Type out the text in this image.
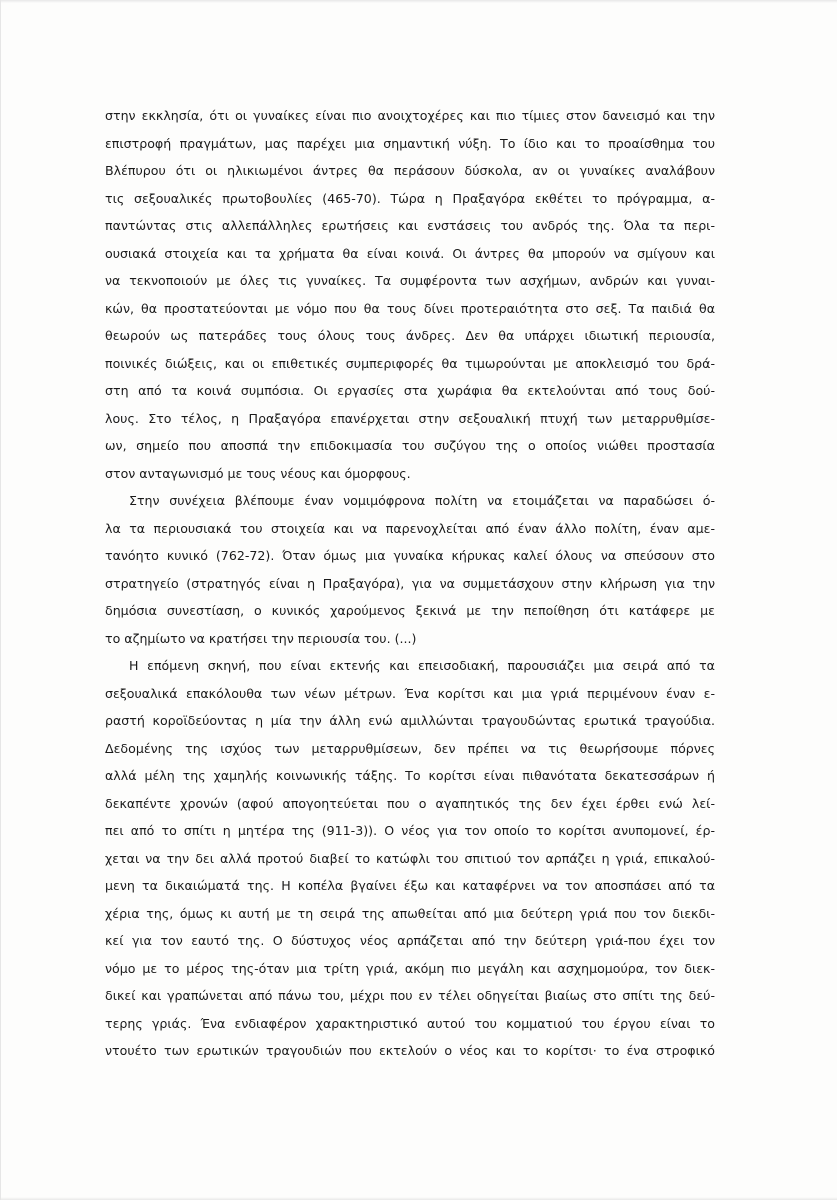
στην εκκλησία, ότι οι γυναίκες είναι πιο ανοιχτοχέρες και πιο τίμιες στον δανεισμό και την
επιστροφή πραγμάτων, μας παρέχει μια σημαντική νύξη. Το ίδιο και το προαίσθημα του
Βλέπυρου ότι οι ηλικιωμένοι άντρες θα περάσουν δύσκολα, αν οι γυναίκες αναλάβουν
τις σεξουαλικές πρωτοβουλίες (465-70). Τώρα η Πραξαγόρα εκθέτει το πρόγραμμα, α-
παντώντας στις αλλεπάλληλες ερωτήσεις και ενστάσεις του ανδρός της. Όλα τα περι-
ουσιακά στοιχεία και τα χρήματα θα είναι κοινά. Οι άντρες θα μπορούν να σμίγουν και
να τεκνοποιούν με όλες τις γυναίκες. Τα συμφέροντα των ασχήμων, ανδρών και γυναι-
κών, θα προστατεύονται με νόμο που θα τους δίνει προτεραιότητα στο σεξ. Τα παιδιά θα
θεωρούν ως πατεράδες τους όλους τους άνδρες. Δεν θα υπάρχει ιδιωτική περιουσία,
ποινικές διώξεις, και οι επιθετικές συμπεριφορές θα τιμωρούνται με αποκλεισμό του δρά-
στη από τα κοινά συμπόσια. Οι εργασίες στα χωράφια θα εκτελούνται από τους δού-
λους. Στο τέλος, η Πραξαγόρα επανέρχεται στην σεξουαλική πτυχή των μεταρρυθμίσε-
ων, σημείο που αποσπά την επιδοκιμασία του συζύγου της ο οποίος νιώθει προστασία
στον ανταγωνισμό με τους νέους και όμορφους.

Στην συνέχεια βλέπουμε έναν νομιμόφρονα πολίτη να ετοιμάζεται να παραδώσει ό-
λα τα περιουσιακά του στοιχεία και να παρενοχλείται από έναν άλλο πολίτη, έναν αμε-
τανόητο κυνικό (762-72). Όταν όμως μια γυναίκα κήρυκας καλεί όλους να σπεύσουν στο
στρατηγείο (στρατηγός είναι η Πραξαγόρα), για να συμμετάσχουν στην κλήρωση για την
δημόσια συνεστίαση, ο κυνικός χαρούμενος ξεκινά με την πεποίθηση ότι κατάφερε με
το αζημίωτο να κρατήσει την περιουσία του. (...)

Η επόμενη σκηνή, που είναι εκτενής και επεισοδιακή, παρουσιάζει μια σειρά από τα
σεξουαλικά επακόλουθα των νέων μέτρων. Ένα κορίτσι και μια γριά περιμένουν έναν ε-
ραστή κοροϊδεύοντας η μία την άλλη ενώ αμιλλώνται τραγουδώντας ερωτικά τραγούδια.
Δεδομένης της ισχύος των μεταρρυθμίσεων, δεν πρέπει να τις θεωρήσουμε πόρνες
αλλά μέλη της χαμηλής κοινωνικής τάξης. Το κορίτσι είναι πιθανότατα δεκατεσσάρων ή
δεκαπέντε χρονών (αφού απογοητεύεται που ο αγαπητικός της δεν έχει έρθει ενώ λεί-
πει από το σπίτι η μητέρα της (911-3)). Ο νέος για τον οποίο το κορίτσι ανυπομονεί, έρ-
χεται να την δει αλλά προτού διαβεί το κατώφλι του σπιτιού τον αρπάζει η γριά, επικαλού-
μενη τα δικαιώματά της. Η κοπέλα βγαίνει έξω και καταφέρνει να τον αποσπάσει από τα
χέρια της, όμως κι αυτή με τη σειρά της απωθείται από μια δεύτερη γριά που τον διεκδι-
κεί για τον εαυτό της. Ο δύστυχος νέος αρπάζεται από την δεύτερη γριά-που έχει τον
νόμο με το μέρος της-όταν μια τρίτη γριά, ακόμη πιο μεγάλη και ασχημομούρα, τον διεκ-
δικεί και γραπώνεται από πάνω του, μέχρι που εν τέλει οδηγείται βιαίως στο σπίτι της δεύ-
τερης γριάς. Ένα ενδιαφέρον χαρακτηριστικό αυτού του κομματιού του έργου είναι το
ντουέτο των ερωτικών τραγουδιών που εκτελούν ο νέος και το κορίτσι· το ένα στροφικό
